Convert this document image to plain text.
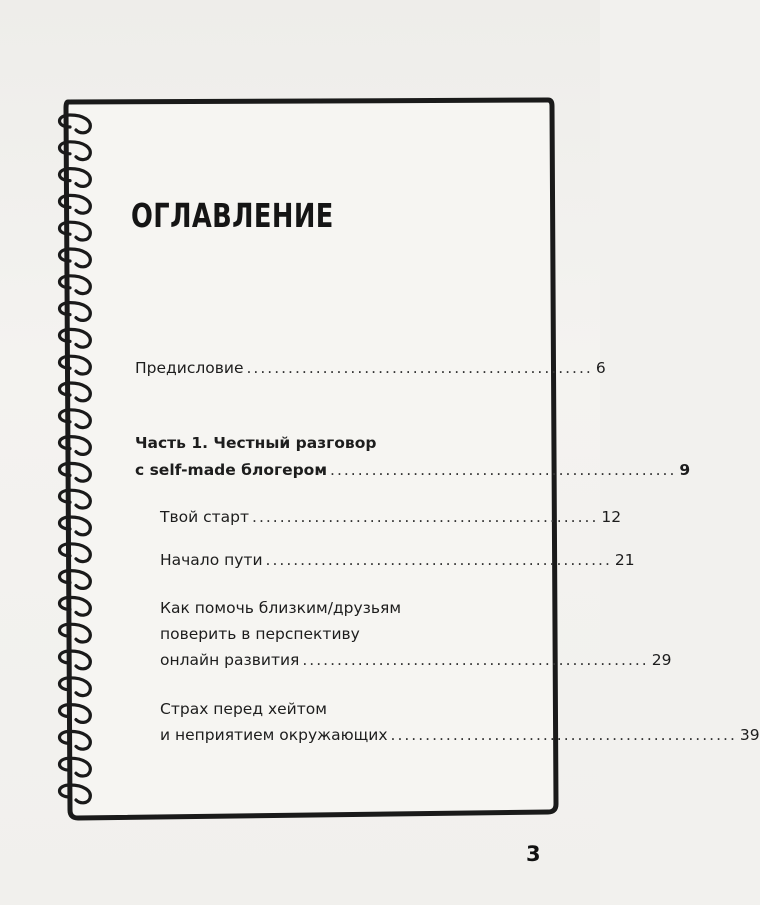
ОГЛАВЛЕНИЕ
Предисловие .................................................. 6
Часть 1. Честный разговор
с self-made блогером .................................................. 9
Твой старт .................................................. 12
Начало пути .................................................. 21
Как помочь близким/друзьям
поверить в перспективу
онлайн развития .................................................. 29
Страх перед хейтом
и неприятием окружающих .................................................. 39
3
